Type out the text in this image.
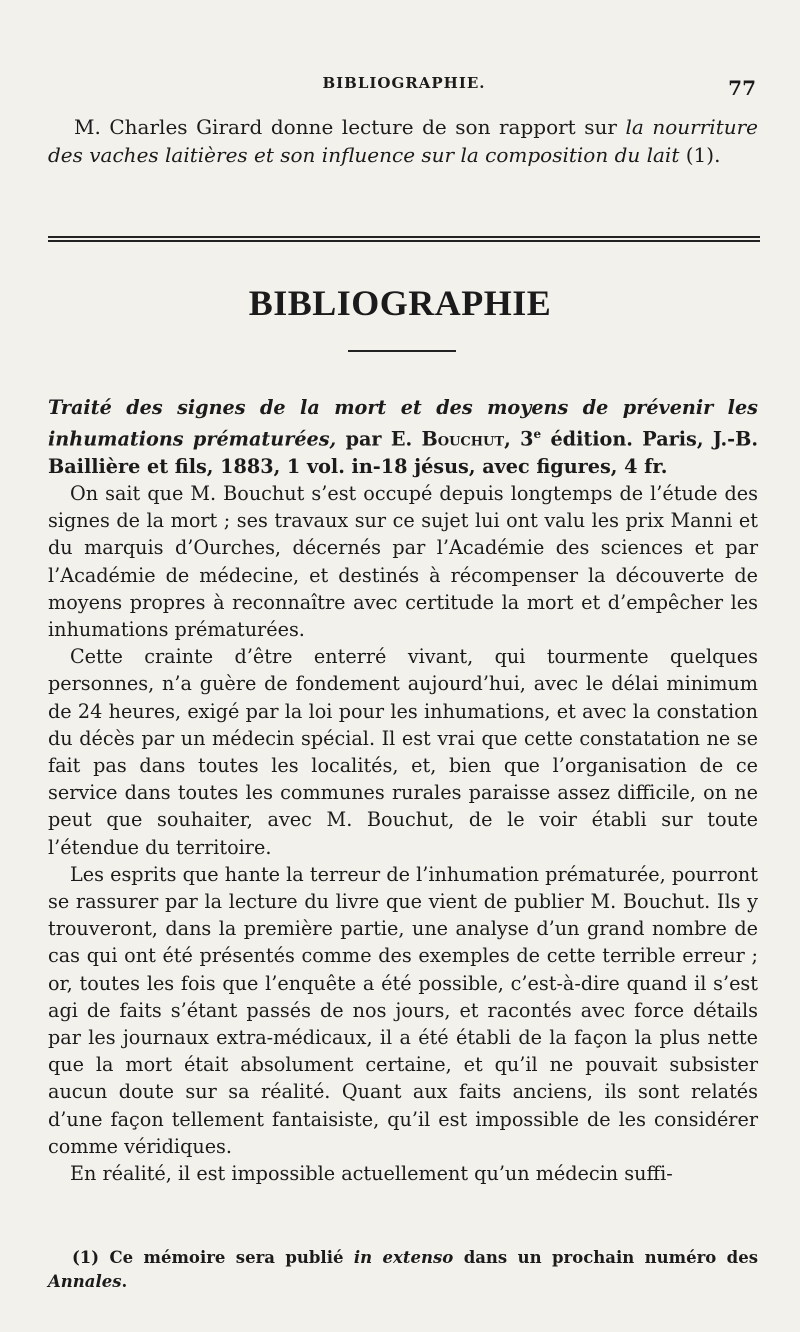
BIBLIOGRAPHIE.	77
M. Charles Girard donne lecture de son rapport sur la nourriture des vaches laitières et son influence sur la composition du lait (1).
BIBLIOGRAPHIE
Traité des signes de la mort et des moyens de prévenir les inhumations prématurées, par E. Bouchut, 3e édition. Paris, J.-B. Baillière et fils, 1883, 1 vol. in-18 jésus, avec figures, 4 fr.

On sait que M. Bouchut s’est occupé depuis longtemps de l’étude des signes de la mort ; ses travaux sur ce sujet lui ont valu les prix Manni et du marquis d’Ourches, décernés par l’Académie des sciences et par l’Académie de médecine, et destinés à récompenser la découverte de moyens propres à reconnaître avec certitude la mort et d’empêcher les inhumations prématurées.

Cette crainte d’être enterré vivant, qui tourmente quelques personnes, n’a guère de fondement aujourd’hui, avec le délai minimum de 24 heures, exigé par la loi pour les inhumations, et avec la constation du décès par un médecin spécial. Il est vrai que cette constatation ne se fait pas dans toutes les localités, et, bien que l’organisation de ce service dans toutes les communes rurales paraisse assez difficile, on ne peut que souhaiter, avec M. Bouchut, de le voir établi sur toute l’étendue du territoire.

Les esprits que hante la terreur de l’inhumation prématurée, pourront se rassurer par la lecture du livre que vient de publier M. Bouchut. Ils y trouveront, dans la première partie, une analyse d’un grand nombre de cas qui ont été présentés comme des exemples de cette terrible erreur ; or, toutes les fois que l’enquête a été possible, c’est-à-dire quand il s’est agi de faits s’étant passés de nos jours, et racontés avec force détails par les journaux extra-médicaux, il a été établi de la façon la plus nette que la mort était absolument certaine, et qu’il ne pouvait subsister aucun doute sur sa réalité. Quant aux faits anciens, ils sont relatés d’une façon tellement fantaisiste, qu’il est impossible de les considérer comme véridiques.

En réalité, il est impossible actuellement qu’un médecin suffi-

(1) Ce mémoire sera publié in extenso dans un prochain numéro des Annales.
